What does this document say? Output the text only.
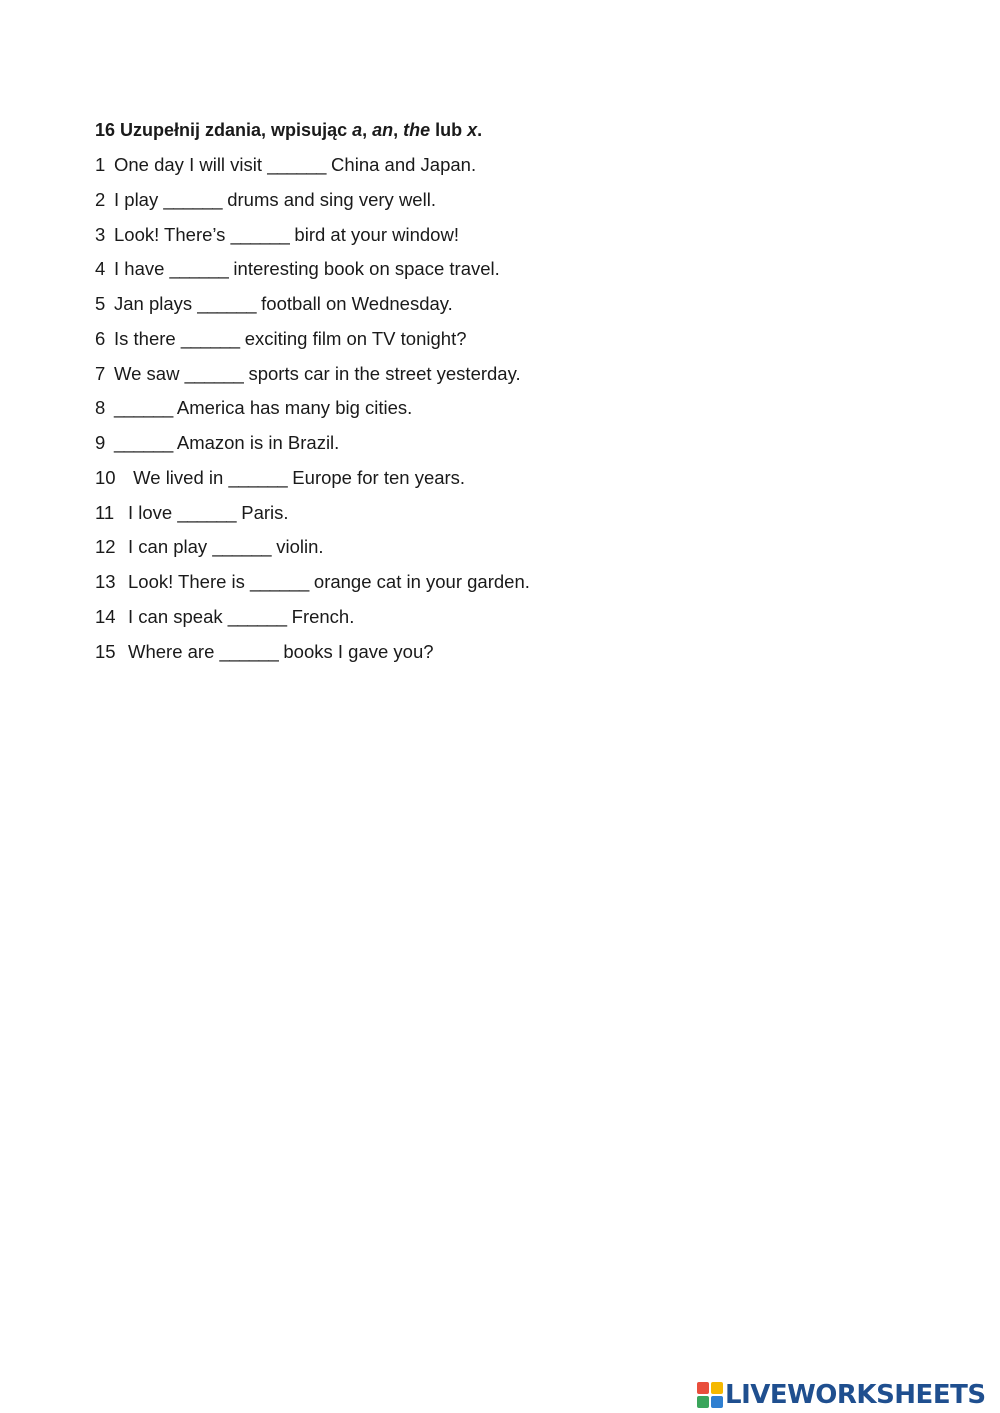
16 Uzupełnij zdania, wpisując a, an, the lub x.
1One day I will visit ______ China and Japan.
2I play ______ drums and sing very well.
3Look! There’s ______ bird at your window!
4I have ______ interesting book on space travel.
5Jan plays ______ football on Wednesday.
6Is there ______ exciting film on TV tonight?
7We saw ______ sports car in the street yesterday.
8______ America has many big cities.
9______ Amazon is in Brazil.
10 We lived in ______ Europe for ten years.
11I love ______ Paris.
12I can play ______ violin.
13Look! There is ______ orange cat in your garden.
14I can speak ______ French.
15Where are ______ books I gave you?
LIVEWORKSHEETS
